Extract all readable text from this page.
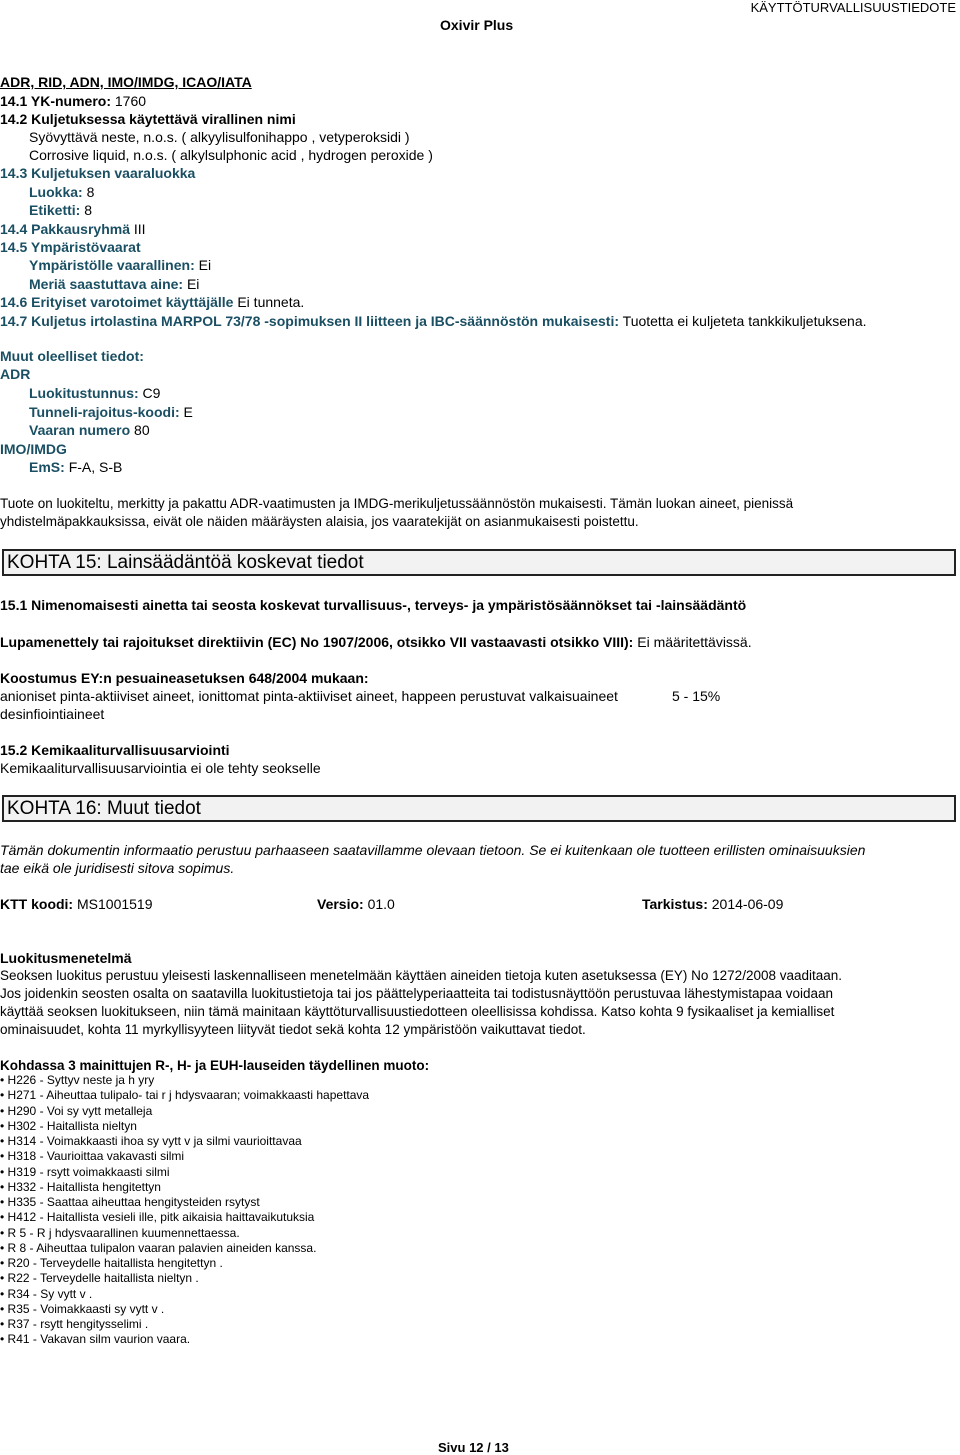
KÄYTTÖTURVALLISUUSTIEDOTE
Oxivir Plus
ADR, RID, ADN, IMO/IMDG, ICAO/IATA
14.1 YK-numero: 1760
14.2 Kuljetuksessa käytettävä virallinen nimi
Syövyttävä neste, n.o.s. ( alkyylisulfonihappo , vetyperoksidi )
Corrosive liquid, n.o.s. ( alkylsulphonic acid , hydrogen peroxide )
14.3 Kuljetuksen vaaraluokka
Luokka: 8
Etiketti: 8
14.4 Pakkausryhmä III
14.5 Ympäristövaarat
Ympäristölle vaarallinen: Ei
Meriä saastuttava aine: Ei
14.6 Erityiset varotoimet käyttäjälle Ei tunneta.
14.7 Kuljetus irtolastina MARPOL 73/78 -sopimuksen II liitteen ja IBC-säännöstön mukaisesti: Tuotetta ei kuljeteta tankkikuljetuksena.
Muut oleelliset tiedot:
ADR
Luokitustunnus: C9
Tunneli-rajoitus-koodi: E
Vaaran numero 80
IMO/IMDG
EmS: F-A, S-B
Tuote on luokiteltu, merkitty ja pakattu ADR-vaatimusten ja IMDG-merikuljetussäännöstön mukaisesti. Tämän luokan aineet, pienissä
yhdistelmäpakkauksissa, eivät ole näiden määräysten alaisia, jos vaaratekijät on asianmukaisesti poistettu.
KOHTA 15: Lainsäädäntöä koskevat tiedot
15.1 Nimenomaisesti ainetta tai seosta koskevat turvallisuus-, terveys- ja ympäristösäännökset tai -lainsäädäntö
Lupamenettely tai rajoitukset direktiivin (EC) No 1907/2006, otsikko VII vastaavasti otsikko VIII): Ei määritettävissä.
Koostumus EY:n pesuaineasetuksen 648/2004 mukaan:
anioniset pinta-aktiiviset aineet, ionittomat pinta-aktiiviset aineet, happeen perustuvat valkaisuaineet	5 - 15%
desinfiointiaineet
15.2 Kemikaaliturvallisuusarviointi
Kemikaaliturvallisuusarviointia ei ole tehty seokselle
KOHTA 16: Muut tiedot
Tämän dokumentin informaatio perustuu parhaaseen saatavillamme olevaan tietoon. Se ei kuitenkaan ole tuotteen erillisten ominaisuuksien
tae eikä ole juridisesti sitova sopimus.
KTT koodi: MS1001519	Versio: 01.0	Tarkistus: 2014-06-09
Luokitusmenetelmä
Seoksen luokitus perustuu yleisesti laskennalliseen menetelmään käyttäen aineiden tietoja kuten asetuksessa (EY) No 1272/2008 vaaditaan.
Jos joidenkin seosten osalta on saatavilla luokitustietoja tai jos päättelyperiaatteita tai todistusnäyttöön perustuvaa lähestymistapaa voidaan
käyttää seoksen luokitukseen, niin tämä mainitaan käyttöturvallisuustiedotteen oleellisissa kohdissa. Katso kohta 9 fysikaaliset ja kemialliset
ominaisuudet, kohta 11 myrkyllisyyteen liityvät tiedot sekä kohta 12 ympäristöön vaikuttavat tiedot.
Kohdassa 3 mainittujen R-, H- ja EUH-lauseiden täydellinen muoto:
• H226 - Syttyv neste ja h yry
• H271 - Aiheuttaa tulipalo- tai r j hdysvaaran; voimakkaasti hapettava
• H290 - Voi sy vytt metalleja
• H302 - Haitallista nieltyn
• H314 - Voimakkaasti ihoa sy vytt v ja silmi vaurioittavaa
• H318 - Vaurioittaa vakavasti silmi
• H319 - rsytt voimakkaasti silmi
• H332 - Haitallista hengitettyn
• H335 - Saattaa aiheuttaa hengitysteiden rsytyst
• H412 - Haitallista vesieli ille, pitk aikaisia haittavaikutuksia
• R 5 - R j hdysvaarallinen kuumennettaessa.
• R 8 - Aiheuttaa tulipalon vaaran palavien aineiden kanssa.
• R20 - Terveydelle haitallista hengitettyn .
• R22 - Terveydelle haitallista nieltyn .
• R34 - Sy vytt v .
• R35 - Voimakkaasti sy vytt v .
• R37 - rsytt hengitysselimi .
• R41 - Vakavan silm vaurion vaara.
Sivu 12 / 13
